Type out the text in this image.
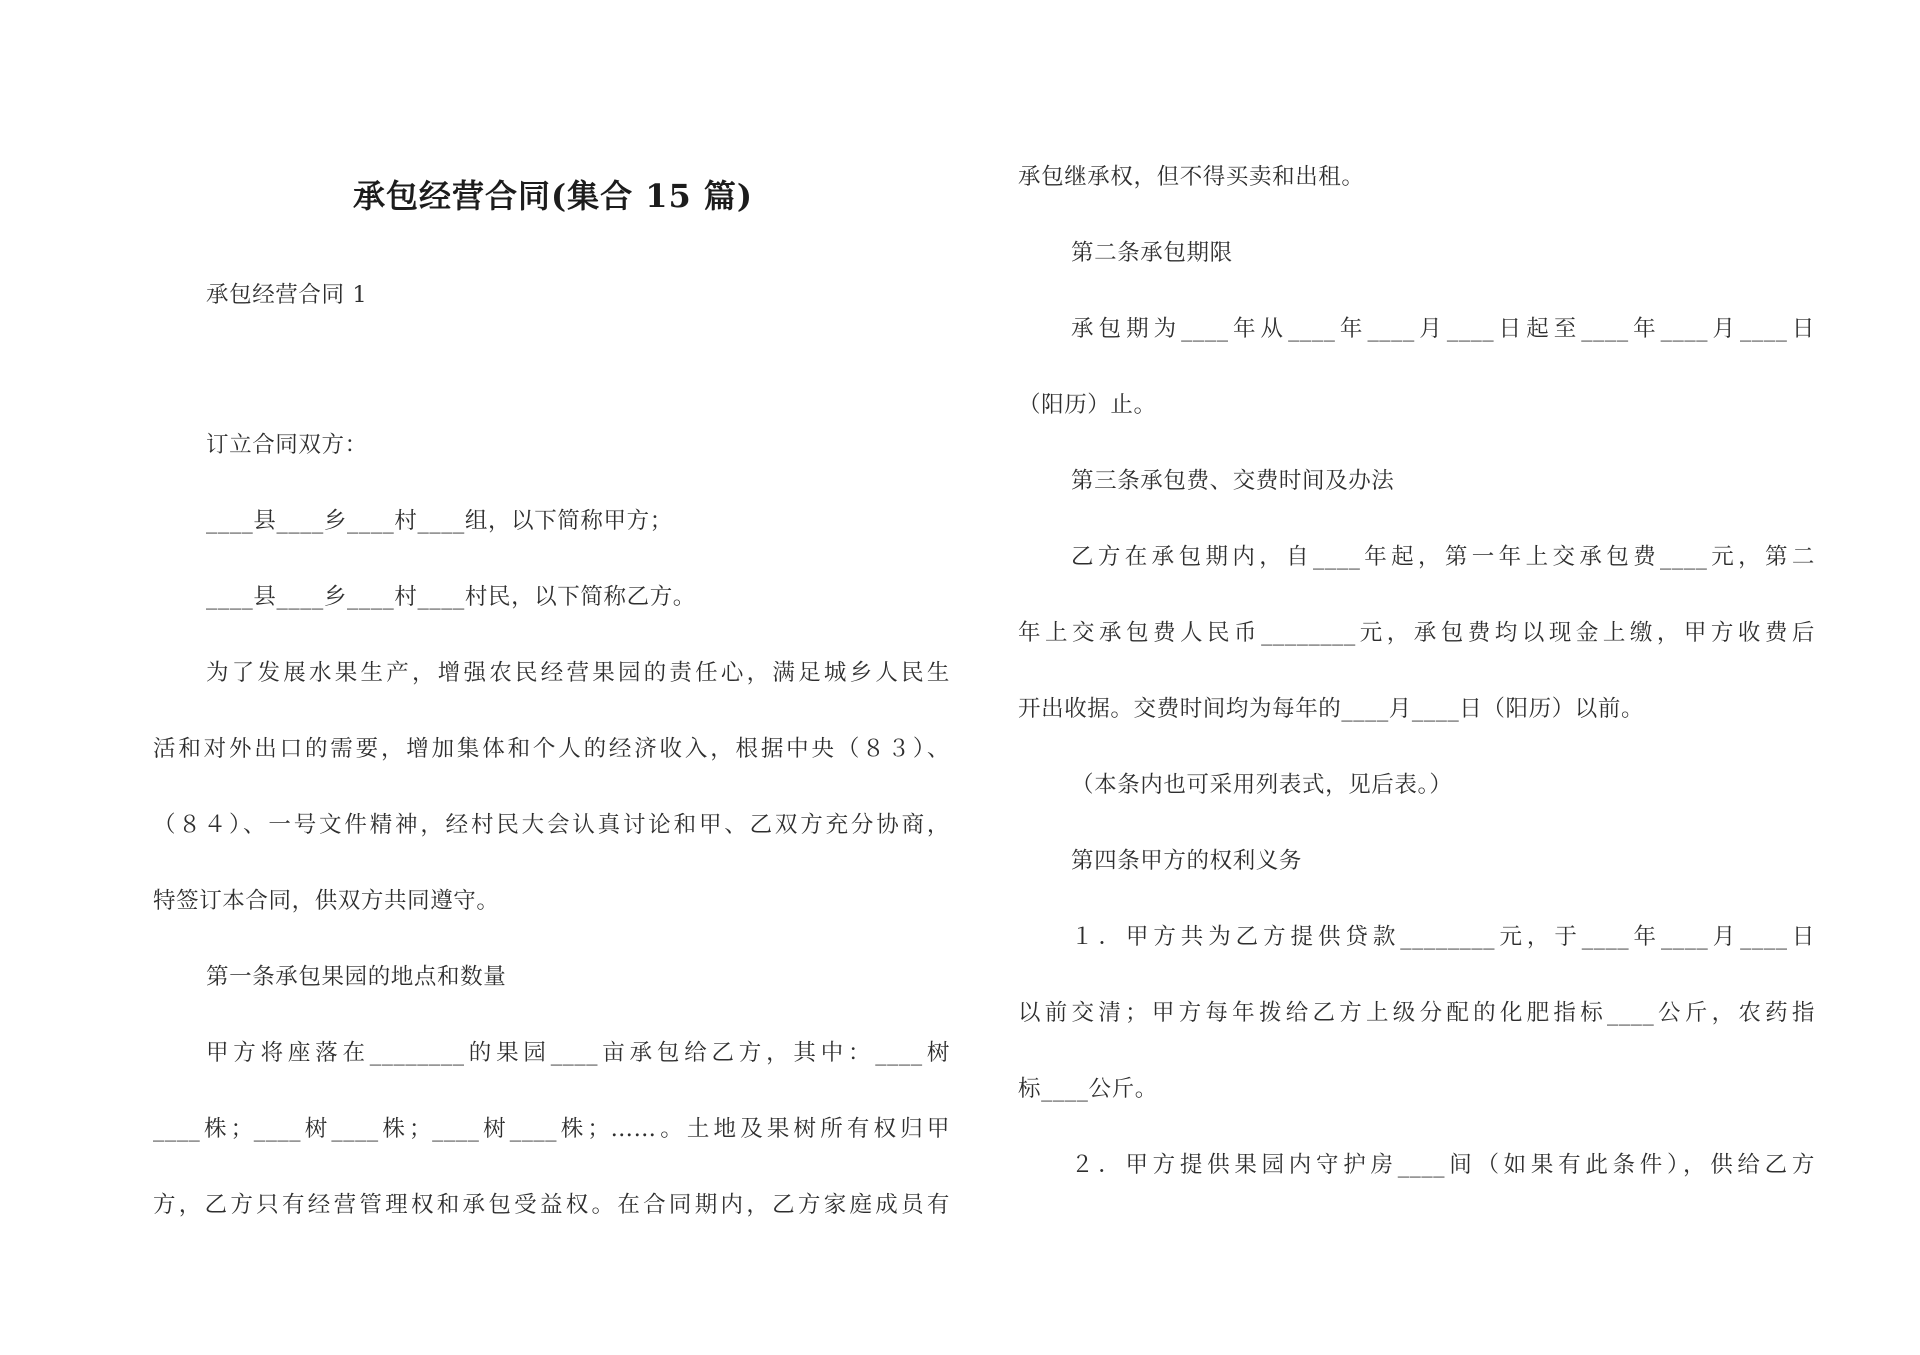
承包经营合同(集合 15 篇)
承包经营合同 1
订立合同双方：
____县____乡____村____组，以下简称甲方；
____县____乡____村____村民，以下简称乙方。
为了发展水果生产，增强农民经营果园的责任心，满足城乡人民生
活和对外出口的需要，增加集体和个人的经济收入，根据中央（８３）、
（８４）、一号文件精神，经村民大会认真讨论和甲、乙双方充分协商，
特签订本合同，供双方共同遵守。
第一条承包果园的地点和数量
甲方将座落在________的果园____亩承包给乙方，其中：____树
____株；____树____株；____树____株；……。土地及果树所有权归甲
方，乙方只有经营管理权和承包受益权。在合同期内，乙方家庭成员有
承包继承权，但不得买卖和出租。
第二条承包期限
承包期为____年从____年____月____日起至____年____月____日
（阳历）止。
第三条承包费、交费时间及办法
乙方在承包期内，自____年起，第一年上交承包费____元，第二
年上交承包费人民币________元，承包费均以现金上缴，甲方收费后
开出收据。交费时间均为每年的____月____日（阳历）以前。
（本条内也可采用列表式，见后表。）
第四条甲方的权利义务
１．甲方共为乙方提供贷款________元，于____年____月____日
以前交清；甲方每年拨给乙方上级分配的化肥指标____公斤，农药指
标____公斤。
２．甲方提供果园内守护房____间（如果有此条件），供给乙方
